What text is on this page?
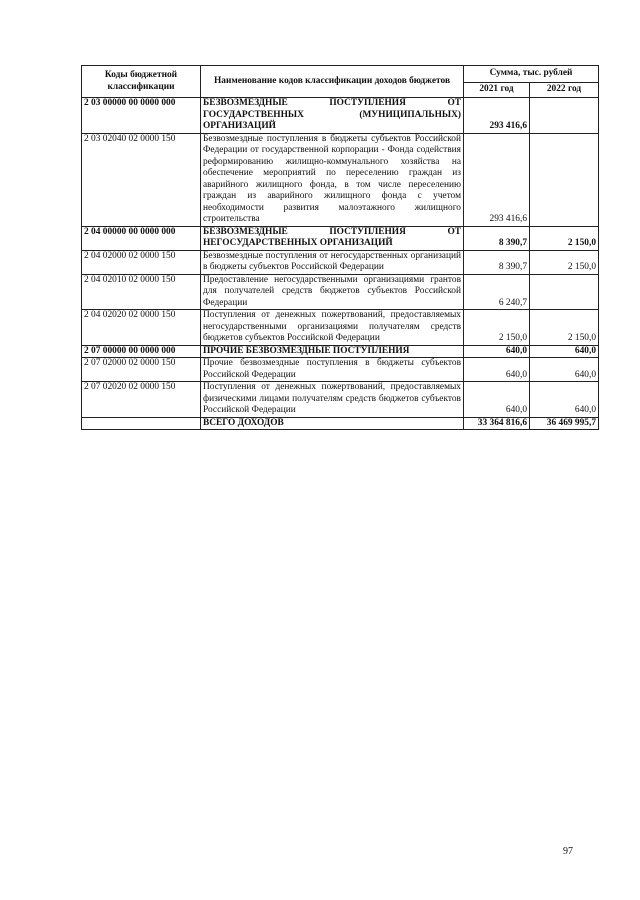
Коды бюджетной классификации	Наименование кодов классификации доходов бюджетов	Сумма, тыс. рублей	
		2021 год	2022 год
2 03 00000 00 0000 000	БЕЗВОЗМЕЗДНЫЕ ПОСТУПЛЕНИЯ ОТ ГОСУДАРСТВЕННЫХ (МУНИЦИПАЛЬНЫХ) ОРГАНИЗАЦИЙ	293 416,6	
2 03 02040 02 0000 150	Безвозмездные поступления в бюджеты субъектов Российской Федерации от государственной корпорации - Фонда содействия реформированию жилищно-коммунального хозяйства на обеспечение мероприятий по переселению граждан из аварийного жилищного фонда, в том числе переселению граждан из аварийного жилищного фонда с учетом необходимости развития малоэтажного жилищного строительства	293 416,6	
2 04 00000 00 0000 000	БЕЗВОЗМЕЗДНЫЕ ПОСТУПЛЕНИЯ ОТ НЕГОСУДАРСТВЕННЫХ ОРГАНИЗАЦИЙ	8 390,7	2 150,0
2 04 02000 02 0000 150	Безвозмездные поступления от негосударственных организаций в бюджеты субъектов Российской Федерации	8 390,7	2 150,0
2 04 02010 02 0000 150	Предоставление негосударственными организациями грантов для получателей средств бюджетов субъектов Российской Федерации	6 240,7	
2 04 02020 02 0000 150	Поступления от денежных пожертвований, предоставляемых негосударственными организациями получателям средств бюджетов субъектов Российской Федерации	2 150,0	2 150,0
2 07 00000 00 0000 000	ПРОЧИЕ БЕЗВОЗМЕЗДНЫЕ ПОСТУПЛЕНИЯ	640,0	640,0
2 07 02000 02 0000 150	Прочие безвозмездные поступления в бюджеты субъектов Российской Федерации	640,0	640,0
2 07 02020 02 0000 150	Поступления от денежных пожертвований, предоставляемых физическими лицами получателям средств бюджетов субъектов Российской Федерации	640,0	640,0
	ВСЕГО ДОХОДОВ	33 364 816,6	36 469 995,7
97
